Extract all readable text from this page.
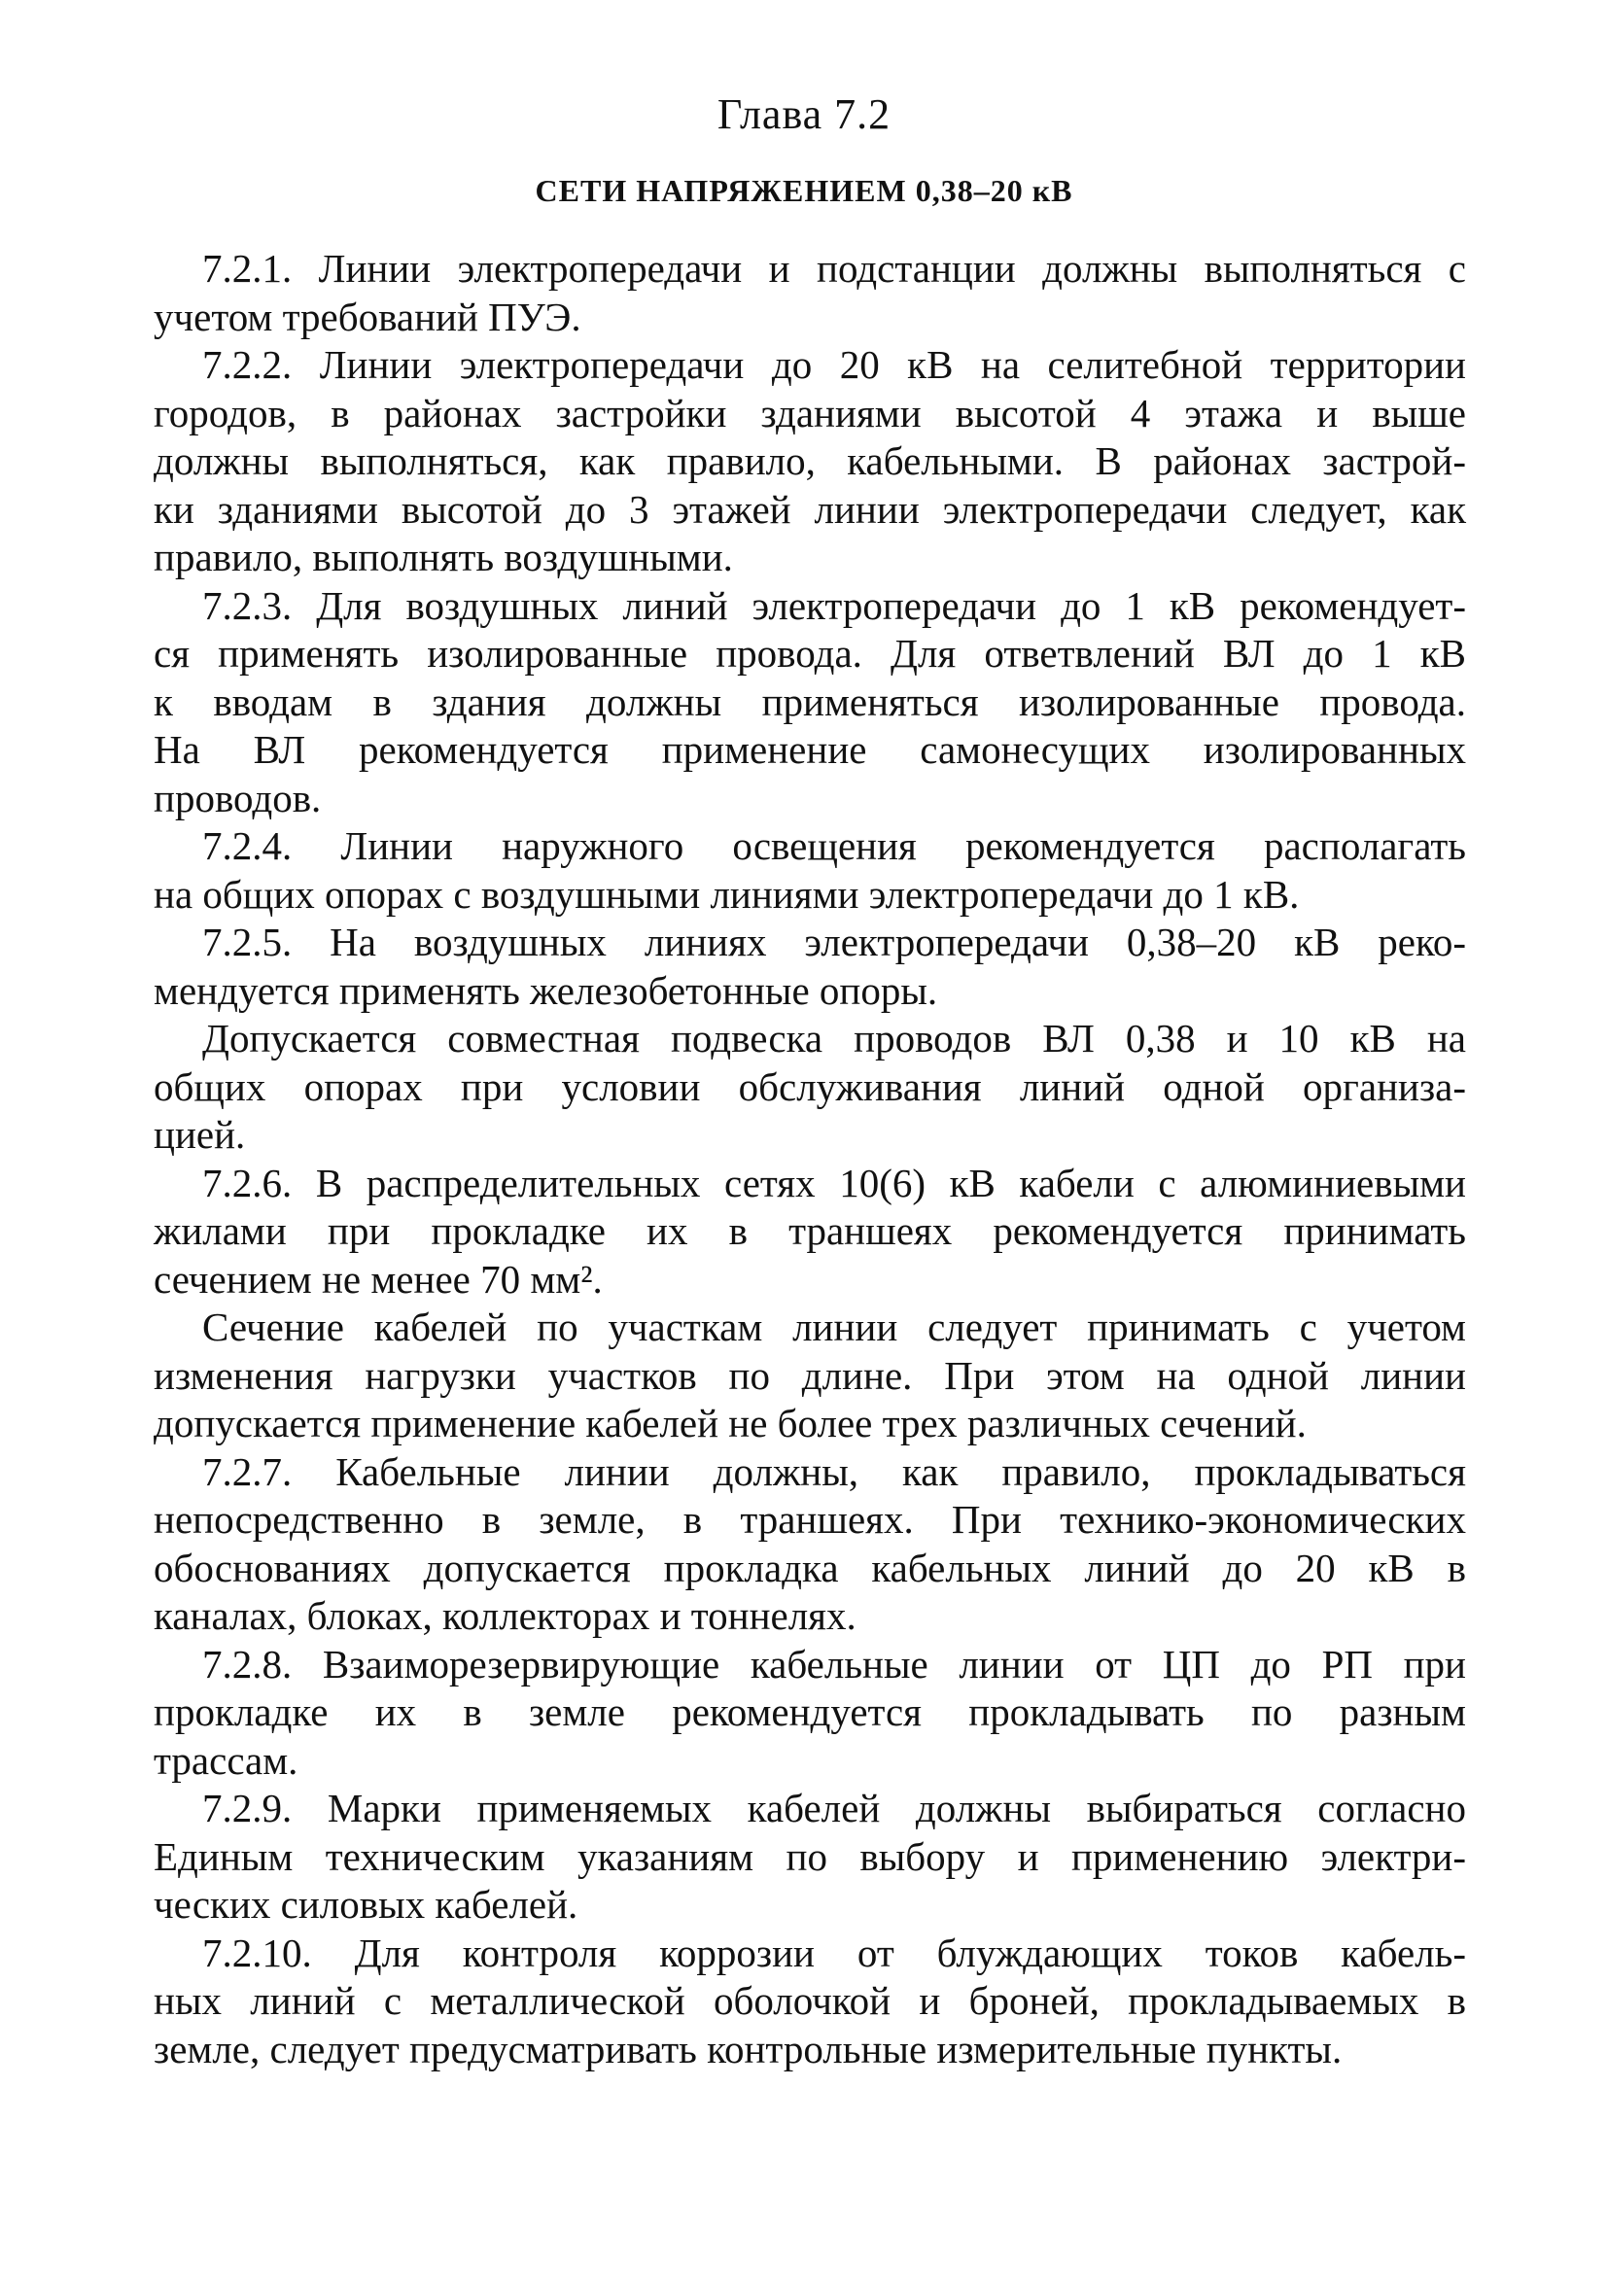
Глава 7.2
СЕТИ НАПРЯЖЕНИЕМ 0,38–20 кВ

7.2.1. Линии электропередачи и подстанции должны выполняться с
учетом требований ПУЭ.

7.2.2. Линии электропередачи до 20 кВ на селитебной территории
городов, в районах застройки зданиями высотой 4 этажа и выше
должны выполняться, как правило, кабельными. В районах застрой-
ки зданиями высотой до 3 этажей линии электропередачи следует, как
правило, выполнять воздушными.

7.2.3. Для воздушных линий электропередачи до 1 кВ рекомендует-
ся применять изолированные провода. Для ответвлений ВЛ до 1 кВ
к вводам в здания должны применяться изолированные провода.
На ВЛ рекомендуется применение самонесущих изолированных
проводов.

7.2.4. Линии наружного освещения рекомендуется располагать
на общих опорах с воздушными линиями электропередачи до 1 кВ.

7.2.5. На воздушных линиях электропередачи 0,38–20 кВ реко-
мендуется применять железобетонные опоры.

Допускается совместная подвеска проводов ВЛ 0,38 и 10 кВ на
общих опорах при условии обслуживания линий одной организа-
цией.

7.2.6. В распределительных сетях 10(6) кВ кабели с алюминиевыми
жилами при прокладке их в траншеях рекомендуется принимать
сечением не менее 70 мм².

Сечение кабелей по участкам линии следует принимать с учетом
изменения нагрузки участков по длине. При этом на одной линии
допускается применение кабелей не более трех различных сечений.

7.2.7. Кабельные линии должны, как правило, прокладываться
непосредственно в земле, в траншеях. При технико-экономических
обоснованиях допускается прокладка кабельных линий до 20 кВ в
каналах, блоках, коллекторах и тоннелях.

7.2.8. Взаиморезервирующие кабельные линии от ЦП до РП при
прокладке их в земле рекомендуется прокладывать по разным
трассам.

7.2.9. Марки применяемых кабелей должны выбираться согласно
Единым техническим указаниям по выбору и применению электри-
ческих силовых кабелей.

7.2.10. Для контроля коррозии от блуждающих токов кабель-
ных линий с металлической оболочкой и броней, прокладываемых в
земле, следует предусматривать контрольные измерительные пункты.
